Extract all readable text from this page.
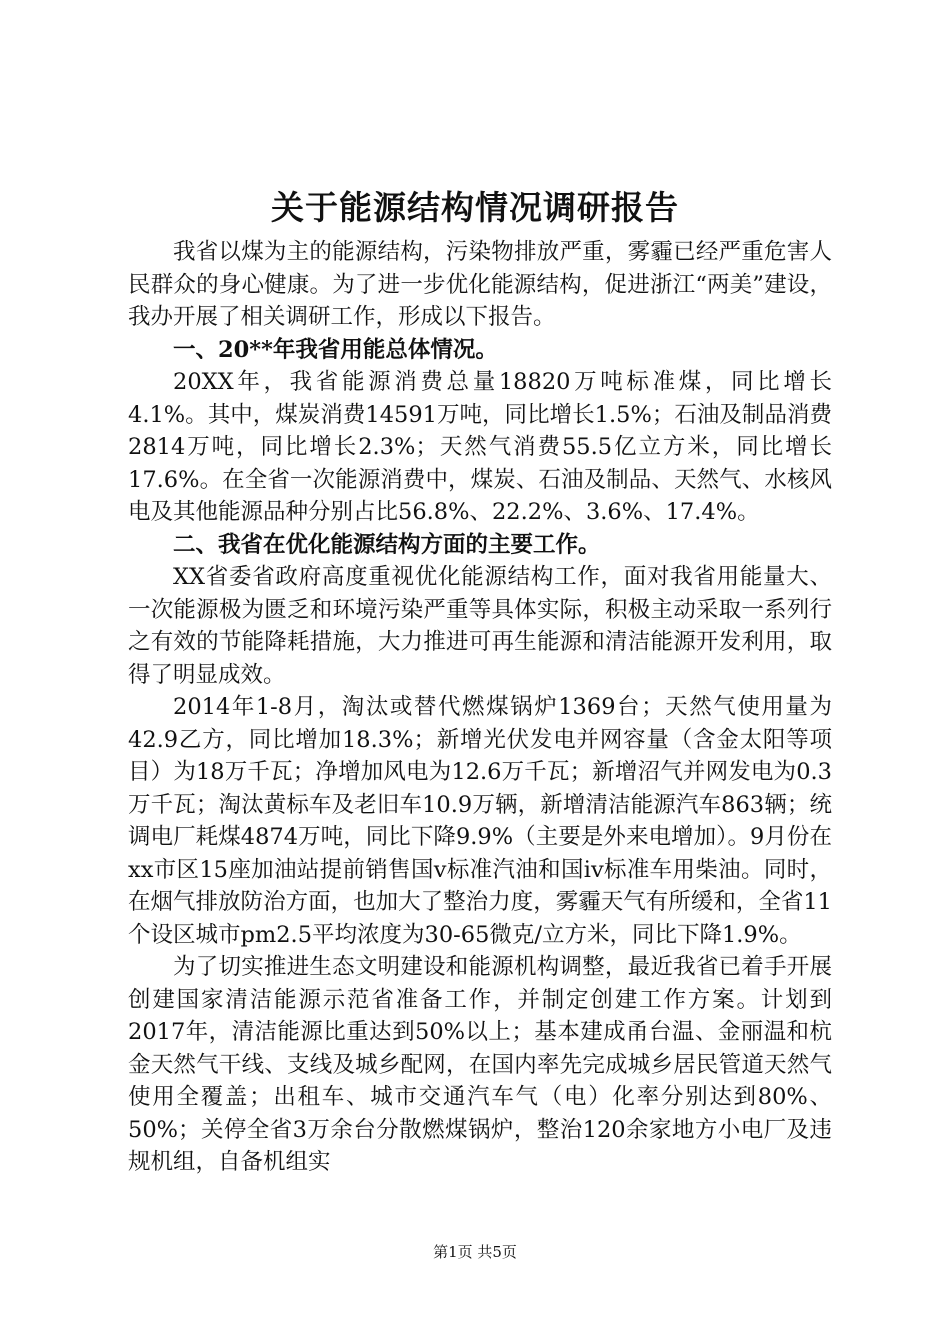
关于能源结构情况调研报告

我省以煤为主的能源结构，污染物排放严重，雾霾已经严重危害人民群众的身心健康。为了进一步优化能源结构，促进浙江“两美”建设，我办开展了相关调研工作，形成以下报告。

一、20**年我省用能总体情况。

20XX年，我省能源消费总量18820万吨标准煤，同比增长4.1%。其中，煤炭消费14591万吨，同比增长1.5%；石油及制品消费2814万吨，同比增长2.3%；天然气消费55.5亿立方米，同比增长17.6%。在全省一次能源消费中，煤炭、石油及制品、天然气、水核风电及其他能源品种分别占比56.8%、22.2%、3.6%、17.4%。

二、我省在优化能源结构方面的主要工作。

XX省委省政府高度重视优化能源结构工作，面对我省用能量大、一次能源极为匮乏和环境污染严重等具体实际，积极主动采取一系列行之有效的节能降耗措施，大力推进可再生能源和清洁能源开发利用，取得了明显成效。

2014年1-8月，淘汰或替代燃煤锅炉1369台；天然气使用量为42.9乙方，同比增加18.3%；新增光伏发电并网容量（含金太阳等项目）为18万千瓦；净增加风电为12.6万千瓦；新增沼气并网发电为0.3万千瓦；淘汰黄标车及老旧车10.9万辆，新增清洁能源汽车863辆；统调电厂耗煤4874万吨，同比下降9.9%（主要是外来电增加）。9月份在xx市区15座加油站提前销售国v标准汽油和国iv标准车用柴油。同时，在烟气排放防治方面，也加大了整治力度，雾霾天气有所缓和，全省11个设区城市pm2.5平均浓度为30-65微克/立方米，同比下降1.9%。

为了切实推进生态文明建设和能源机构调整，最近我省已着手开展创建国家清洁能源示范省准备工作，并制定创建工作方案。计划到2017年，清洁能源比重达到50%以上；基本建成甬台温、金丽温和杭金天然气干线、支线及城乡配网，在国内率先完成城乡居民管道天然气使用全覆盖；出租车、城市交通汽车气（电）化率分别达到80%、50%；关停全省3万余台分散燃煤锅炉，整治120余家地方小电厂及违规机组，自备机组实

第1页 共5页
